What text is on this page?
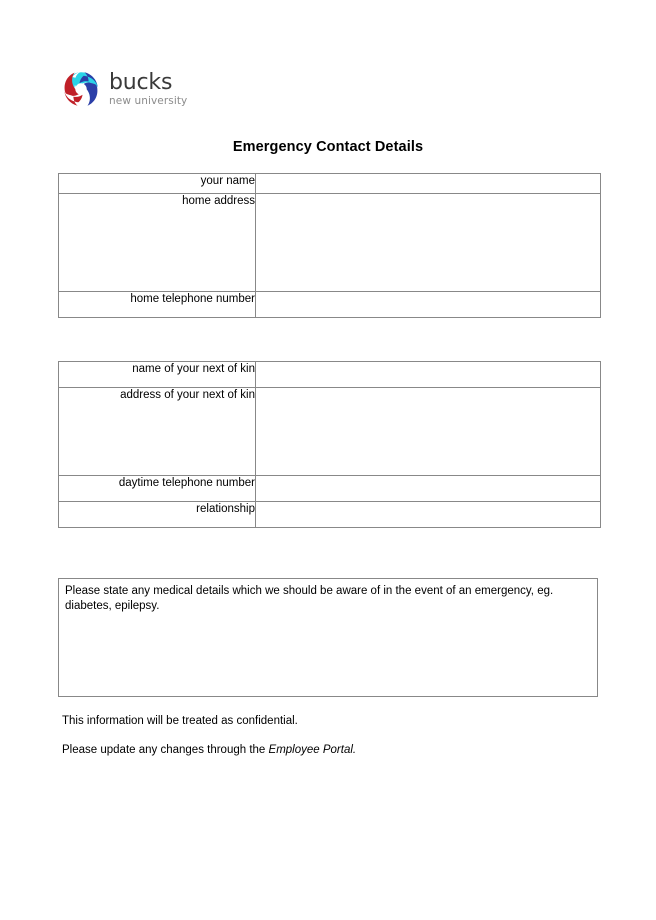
bucks
new university
Emergency Contact Details
your name	
home address	
home telephone number	
name of your next of kin	
address of your next of kin	
daytime telephone number	
relationship	
Please state any medical details which we should be aware of in the event of an emergency, eg. diabetes, epilepsy.
This information will be treated as confidential.
Please update any changes through the Employee Portal.
